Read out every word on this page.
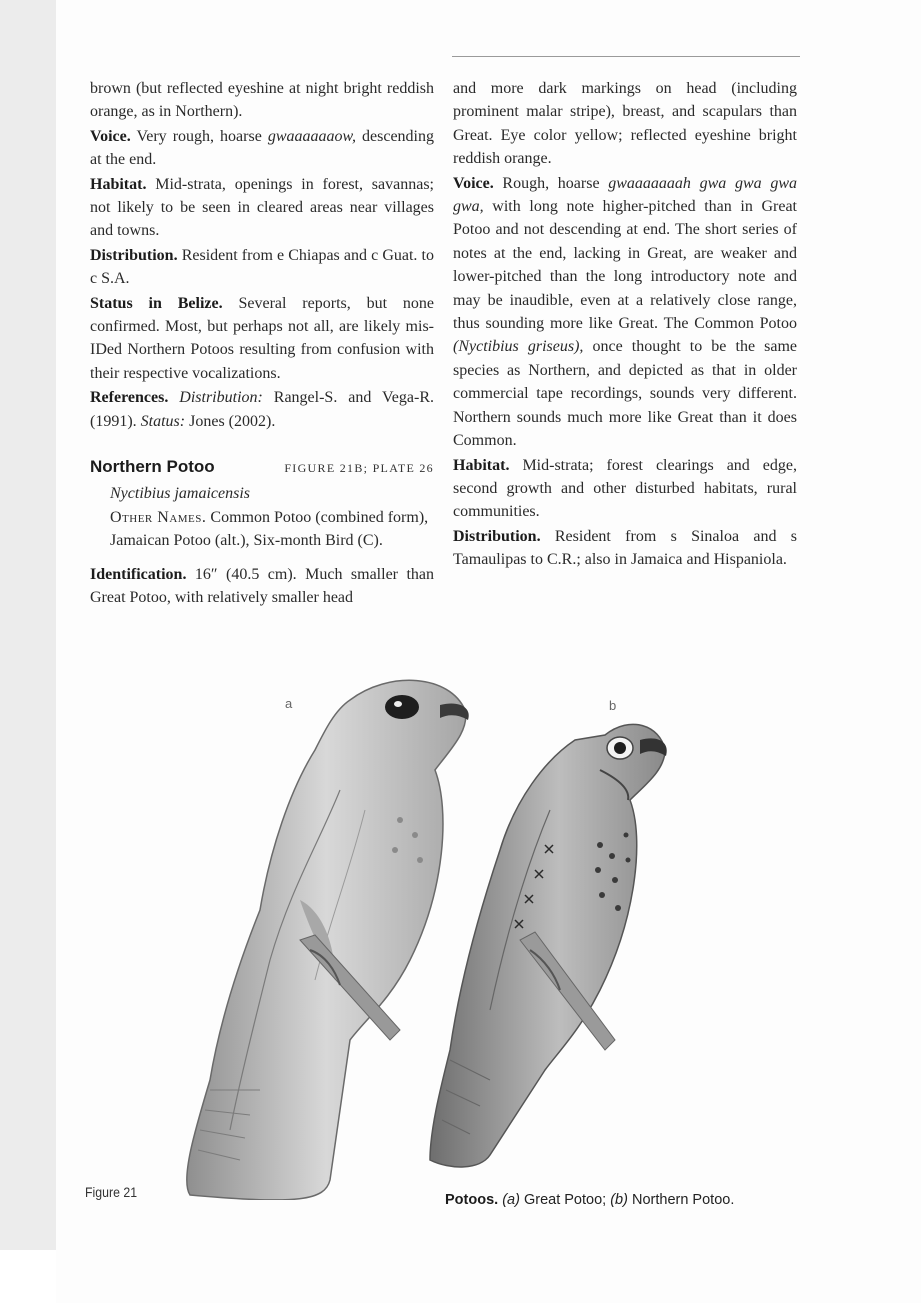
brown (but reflected eyeshine at night bright reddish orange, as in Northern).

Voice. Very rough, hoarse gwaaaaaaow, descending at the end.

Habitat. Mid-strata, openings in forest, savannas; not likely to be seen in cleared areas near villages and towns.

Distribution. Resident from e Chiapas and c Guat. to c S.A.

Status in Belize. Several reports, but none confirmed. Most, but perhaps not all, are likely mis-IDed Northern Potoos resulting from confusion with their respective vocalizations.

References. Distribution: Rangel-S. and Vega-R. (1991). Status: Jones (2002).

Northern Potoo	FIGURE 21B; PLATE 26

Nyctibius jamaicensis

Other Names. Common Potoo (combined form), Jamaican Potoo (alt.), Six-month Bird (C).

Identification. 16″ (40.5 cm). Much smaller than Great Potoo, with relatively smaller head

and more dark markings on head (including prominent malar stripe), breast, and scapulars than Great. Eye color yellow; reflected eyeshine bright reddish orange.

Voice. Rough, hoarse gwaaaaaaah gwa gwa gwa gwa, with long note higher-pitched than in Great Potoo and not descending at end. The short series of notes at the end, lacking in Great, are weaker and lower-pitched than the long introductory note and may be inaudible, even at a relatively close range, thus sounding more like Great. The Common Potoo (Nyctibius griseus), once thought to be the same species as Northern, and depicted as that in older commercial tape recordings, sounds very different. Northern sounds much more like Great than it does Common.

Habitat. Mid-strata; forest clearings and edge, second growth and other disturbed habitats, rural communities.

Distribution. Resident from s Sinaloa and s Tamaulipas to C.R.; also in Jamaica and Hispaniola.

a	b
Figure 21	Potoos. (a) Great Potoo; (b) Northern Potoo.
